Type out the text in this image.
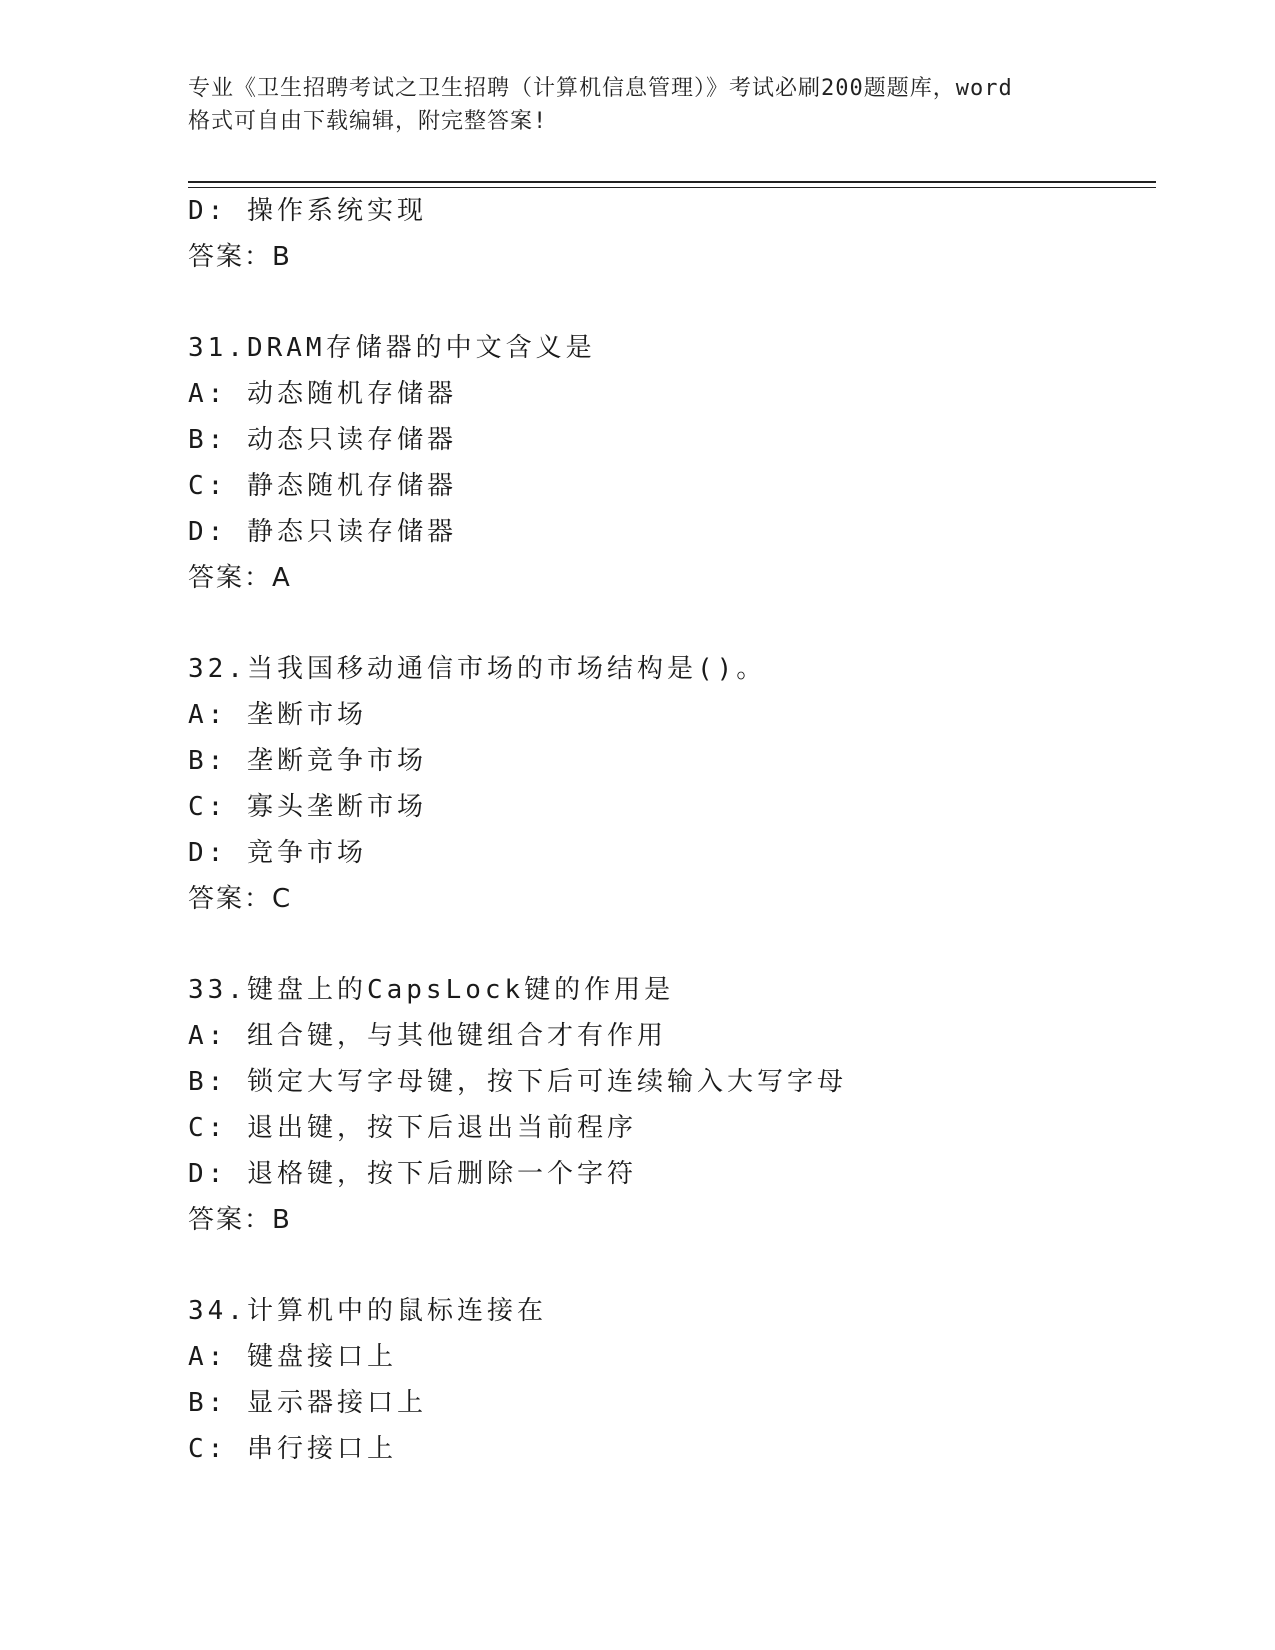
专业《卫生招聘考试之卫生招聘（计算机信息管理）》考试必刷200题题库，word
格式可自由下载编辑，附完整答案!
D: 操作系统实现
答案：B
31.DRAM存储器的中文含义是
A: 动态随机存储器
B: 动态只读存储器
C: 静态随机存储器
D: 静态只读存储器
答案：A
32.当我国移动通信市场的市场结构是()。
A: 垄断市场
B: 垄断竞争市场
C: 寡头垄断市场
D: 竞争市场
答案：C
33.键盘上的CapsLock键的作用是
A: 组合键，与其他键组合才有作用
B: 锁定大写字母键，按下后可连续输入大写字母
C: 退出键，按下后退出当前程序
D: 退格键，按下后删除一个字符
答案：B
34.计算机中的鼠标连接在
A: 键盘接口上
B: 显示器接口上
C: 串行接口上
